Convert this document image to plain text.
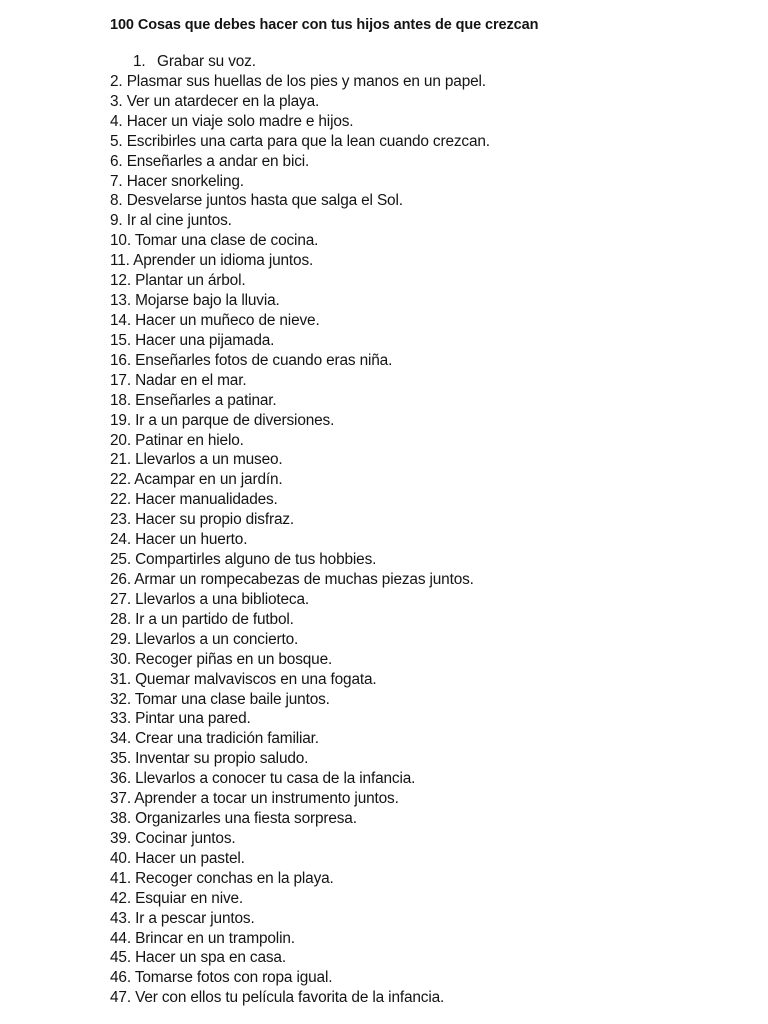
100 Cosas que debes hacer con tus hijos antes de que crezcan
1. Grabar su voz.
2. Plasmar sus huellas de los pies y manos en un papel.
3. Ver un atardecer en la playa.
4. Hacer un viaje solo madre e hijos.
5. Escribirles una carta para que la lean cuando crezcan.
6. Enseñarles a andar en bici.
7. Hacer snorkeling.
8. Desvelarse juntos hasta que salga el Sol.
9. Ir al cine juntos.
10. Tomar una clase de cocina.
11. Aprender un idioma juntos.
12. Plantar un árbol.
13. Mojarse bajo la lluvia.
14. Hacer un muñeco de nieve.
15. Hacer una pijamada.
16. Enseñarles fotos de cuando eras niña.
17. Nadar en el mar.
18. Enseñarles a patinar.
19. Ir a un parque de diversiones.
20. Patinar en hielo.
21. Llevarlos a un museo.
22. Acampar en un jardín.
22. Hacer manualidades.
23. Hacer su propio disfraz.
24. Hacer un huerto.
25. Compartirles alguno de tus hobbies.
26. Armar un rompecabezas de muchas piezas juntos.
27. Llevarlos a una biblioteca.
28. Ir a un partido de futbol.
29. Llevarlos a un concierto.
30. Recoger piñas en un bosque.
31. Quemar malvaviscos en una fogata.
32. Tomar una clase baile juntos.
33. Pintar una pared.
34. Crear una tradición familiar.
35. Inventar su propio saludo.
36. Llevarlos a conocer tu casa de la infancia.
37. Aprender a tocar un instrumento juntos.
38. Organizarles una fiesta sorpresa.
39. Cocinar juntos.
40. Hacer un pastel.
41. Recoger conchas en la playa.
42. Esquiar en nive.
43. Ir a pescar juntos.
44. Brincar en un trampolin.
45. Hacer un spa en casa.
46. Tomarse fotos con ropa igual.
47. Ver con ellos tu película favorita de la infancia.
